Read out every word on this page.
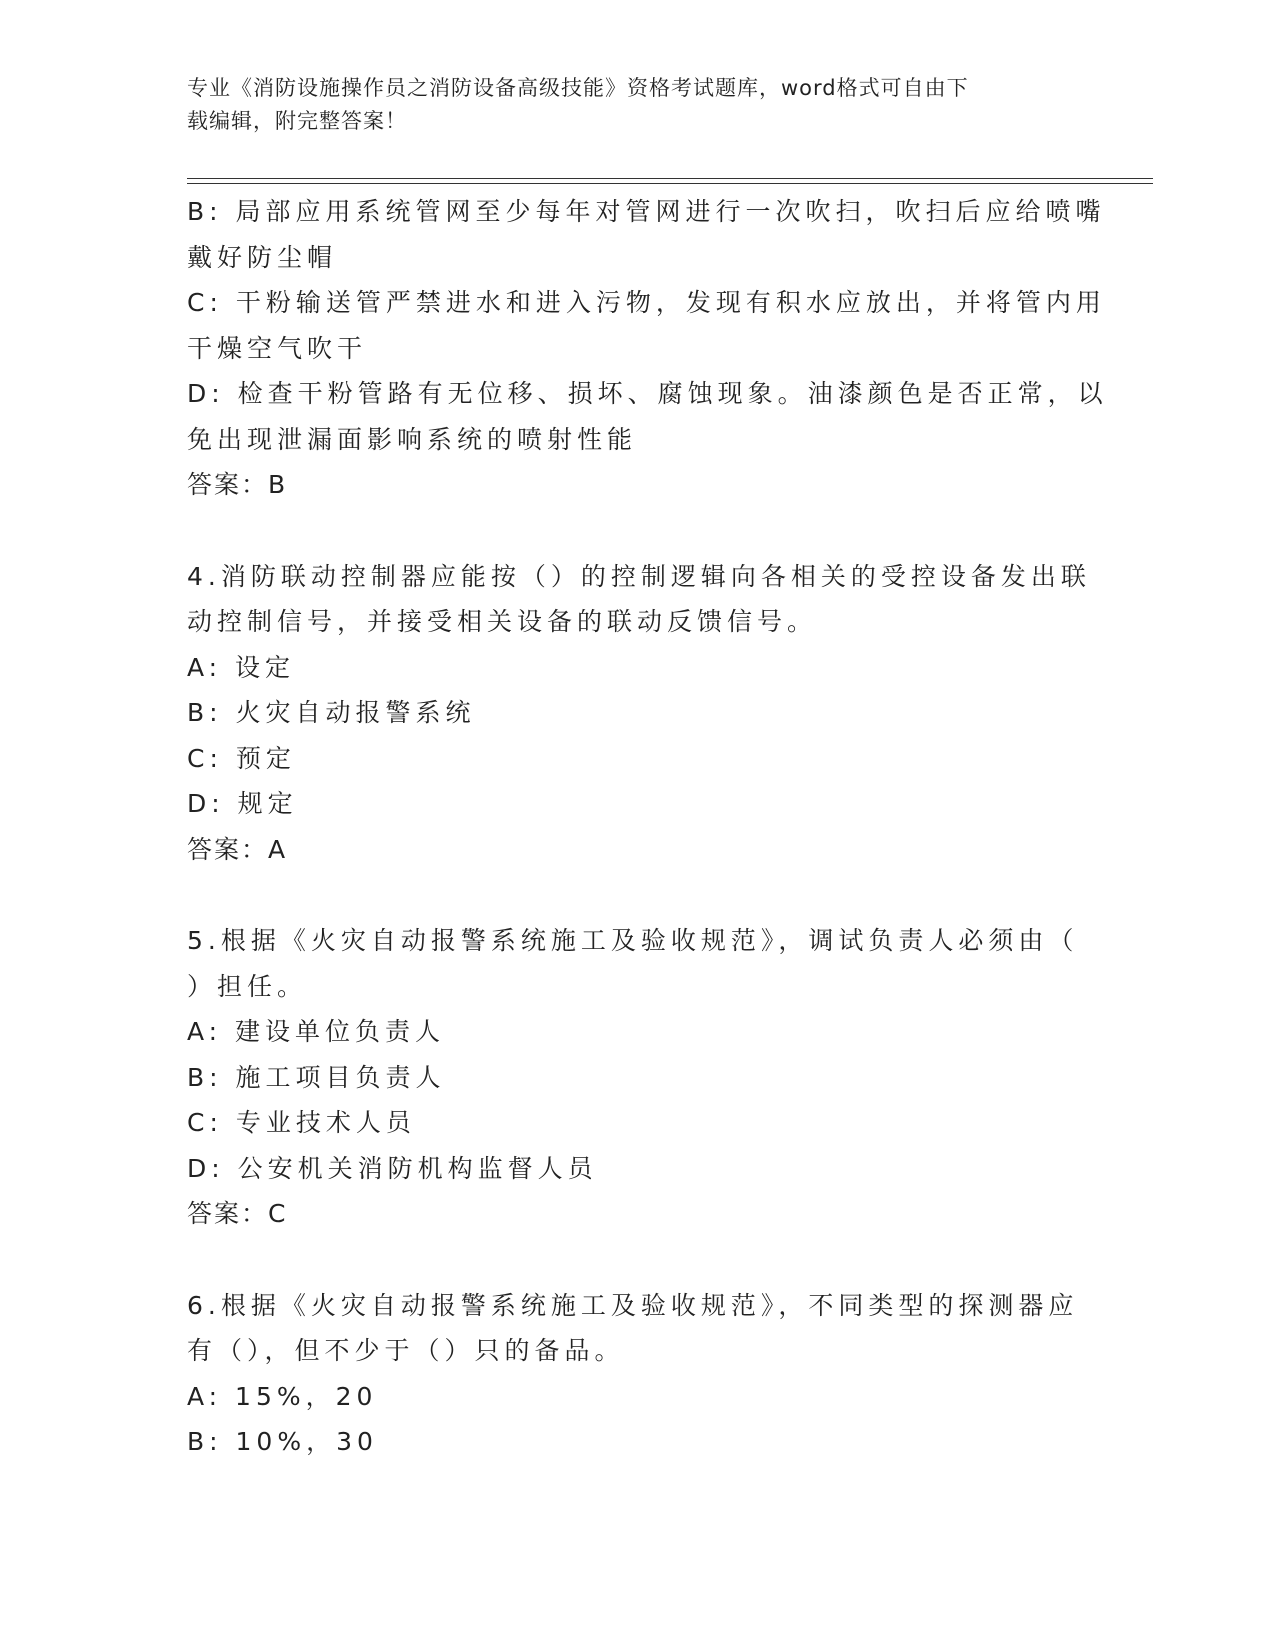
专业《消防设施操作员之消防设备高级技能》资格考试题库，word格式可自由下
载编辑，附完整答案！
B: 局部应用系统管网至少每年对管网进行一次吹扫，吹扫后应给喷嘴
戴好防尘帽
C: 干粉输送管严禁进水和进入污物，发现有积水应放出，并将管内用
干燥空气吹干
D: 检查干粉管路有无位移、损坏、腐蚀现象。油漆颜色是否正常，以
免出现泄漏面影响系统的喷射性能
答案：B
4.消防联动控制器应能按（）的控制逻辑向各相关的受控设备发出联
动控制信号，并接受相关设备的联动反馈信号。
A: 设定
B: 火灾自动报警系统
C: 预定
D: 规定
答案：A
5.根据《火灾自动报警系统施工及验收规范》，调试负责人必须由（
）担任。
A: 建设单位负责人
B: 施工项目负责人
C: 专业技术人员
D: 公安机关消防机构监督人员
答案：C
6.根据《火灾自动报警系统施工及验收规范》，不同类型的探测器应
有（），但不少于（）只的备品。
A: 15%，20
B: 10%，30
